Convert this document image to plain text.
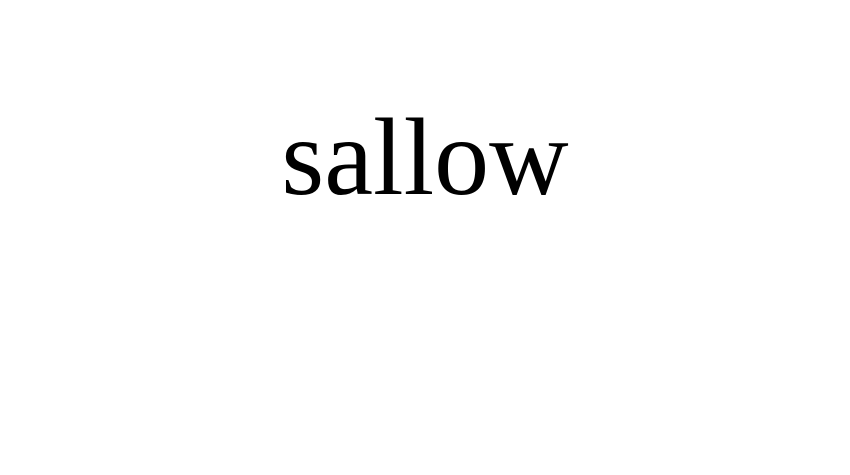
sallow
